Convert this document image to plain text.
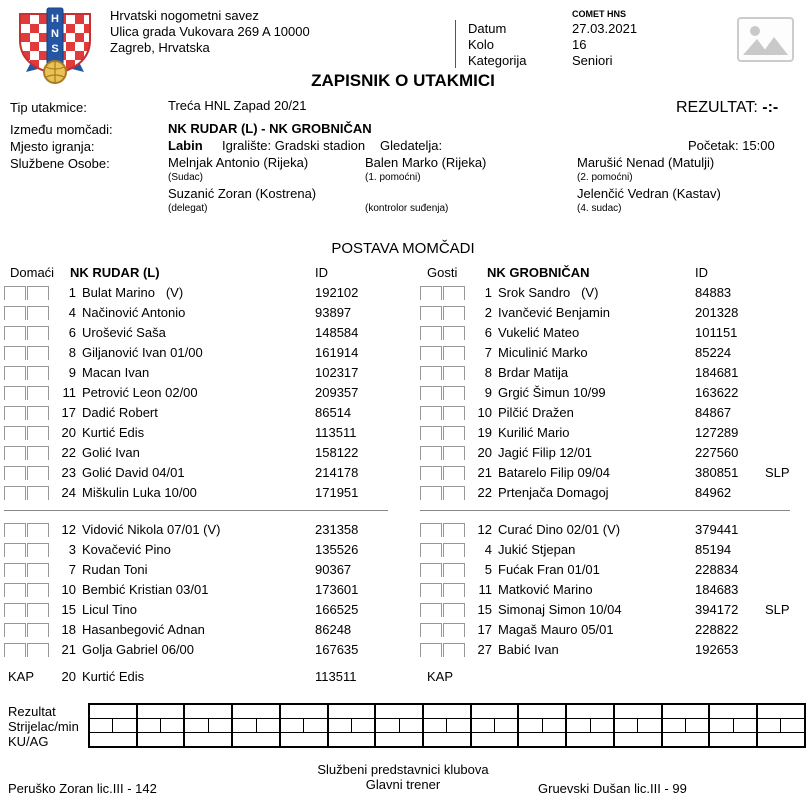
H
N
S
Hrvatski nogometni savez
Ulica grada Vukovara 269 A 10000
Zagreb, Hrvatska
COMET HNS
Datum	27.03.2021
Kolo	16
Kategorija	Seniori
ZAPISNIK O UTAKMICI
Tip utakmice:	Treća HNL Zapad 20/21	REZULTAT: -:-
Između momčadi:	NK RUDAR (L) - NK GROBNIČAN
Mjesto igranja:	Labin Igralište: Gradski stadion Gledatelja:	Početak: 15:00
Službene Osobe:	Melnjak Antonio (Rijeka)
(Sudac)
Balen Marko (Rijeka)
(1. pomoćni)
Marušić Nenad (Matulji)
(2. pomoćni)
Suzanić Zoran (Kostrena)
(delegat)	(kontrolor suđenja)
Jelenčić Vedran (Kastav)
(4. sudac)
POSTAVA MOMČADI
Domaći	NK RUDAR (L)	ID
1 Bulat Marino   (V)	192102
4 Načinović Antonio	93897
6 Urošević Saša	148584
8 Giljanović Ivan 01/00	161914
9 Macan Ivan	102317
11 Petrović Leon 02/00	209357
17 Dadić Robert	86514
20 Kurtić Edis	113511
22 Golić Ivan	158122
23 Golić David 04/01	214178
24 Miškulin Luka 10/00	171951
12 Vidović Nikola 07/01 (V)	231358
3 Kovačević Pino	135526
7 Rudan Toni	90367
10 Bembić Kristian 03/01	173601
15 Licul Tino	166525
18 Hasanbegović Adnan	86248
21 Golja Gabriel 06/00	167635
KAP	20 Kurtić Edis	113511
Gosti	NK GROBNIČAN	ID
1 Srok Sandro   (V)	84883
2 Ivančević Benjamin	201328
6 Vukelić Mateo	101151
7 Miculinić Marko	85224
8 Brdar Matija	184681
9 Grgić Šimun 10/99	163622
10 Pilčić Dražen	84867
19 Kurilić Mario	127289
20 Jagić Filip 12/01	227560
21 Batarelo Filip 09/04	380851	SLP
22 Prtenjača Domagoj	84962
12 Curać Dino 02/01 (V)	379441
4 Jukić Stjepan	85194
5 Fućak Fran 01/01	228834
11 Matković Marino	184683
15 Simonaj Simon 10/04	394172	SLP
17 Magaš Mauro 05/01	228822
27 Babić Ivan	192653
KAP
Rezultat
Strijelac/min
KU/AG

Službeni predstavnici klubova
Glavni trener
Peruško Zoran lic.III - 142	Gruevski Dušan lic.III - 99
